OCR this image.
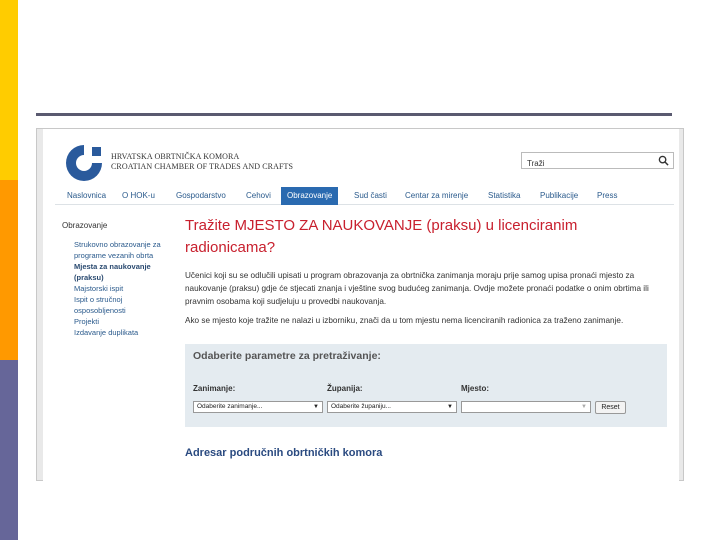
HRVATSKA OBRTNIČKA KOMORA
CROATIAN CHAMBER OF TRADES AND CRAFTS
Traži
Naslovnica	O HOK-u	Gospodarstvo	Cehovi	Obrazovanje	Sud časti	Centar za mirenje	Statistika	Publikacije	Press
Obrazovanje
Strukovno obrazovanje za programe vezanih obrta
Mjesta za naukovanje (praksu)
Majstorski ispit
Ispit o stručnoj osposobljenosti
Projekti
Izdavanje duplikata
Tražite MJESTO ZA NAUKOVANJE (praksu) u licenciranim radionicama?
Učenici koji su se odlučili upisati u program obrazovanja za obrtnička zanimanja moraju prije samog upisa pronaći mjesto za naukovanje (praksu) gdje će stjecati znanja i vještine svog budućeg zanimanja. Ovdje možete pronaći podatke o onim obrtima ili pravnim osobama koji sudjeluju u provedbi naukovanja.
Ako se mjesto koje tražite ne nalazi u izborniku, znači da u tom mjestu nema licenciranih radionica za traženo zanimanje.
Odaberite parametre za pretraživanje:
Zanimanje:	Županija:	Mjesto:
Odaberite zanimanje...	▼	Odaberite županiju...	▼	▼	Reset
Adresar područnih obrtničkih komora
